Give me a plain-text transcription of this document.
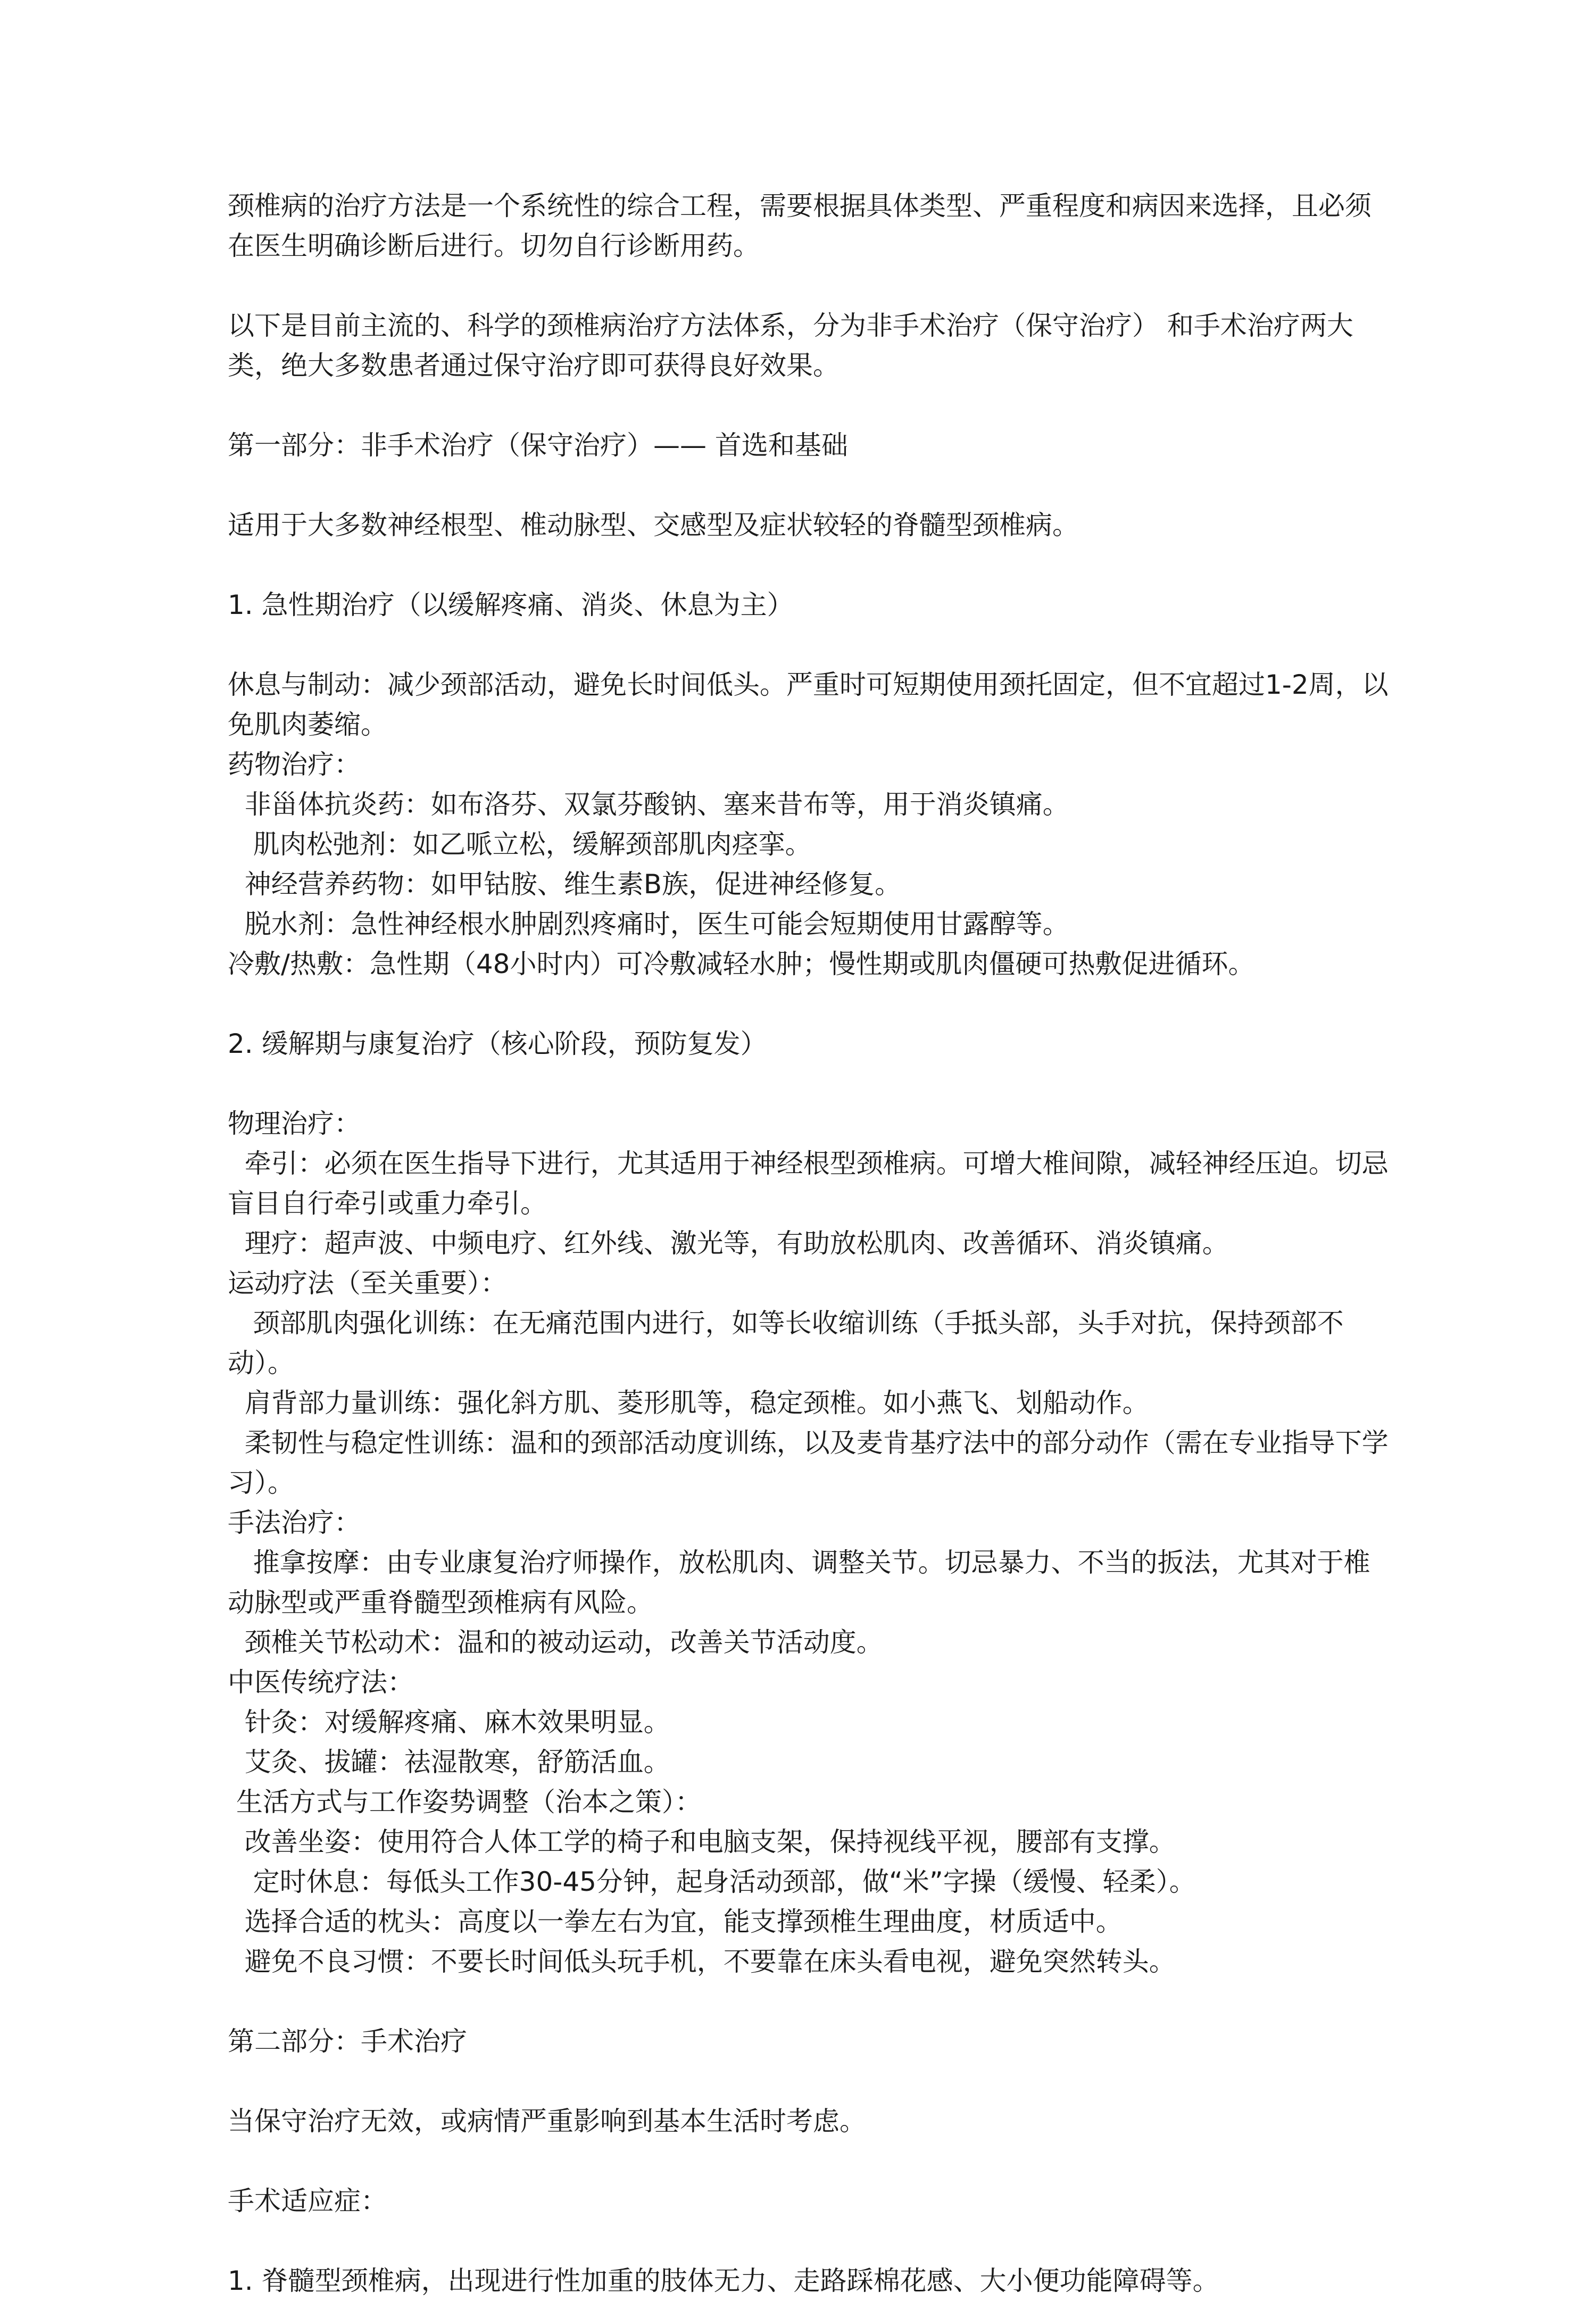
颈椎病的治疗方法是一个系统性的综合工程，需要根据具体类型、严重程度和病因来选择，且必须在医生明确诊断后进行。切勿自行诊断用药。

以下是目前主流的、科学的颈椎病治疗方法体系，分为非手术治疗（保守治疗） 和手术治疗两大类，绝大多数患者通过保守治疗即可获得良好效果。

第一部分：非手术治疗（保守治疗）—— 首选和基础

适用于大多数神经根型、椎动脉型、交感型及症状较轻的脊髓型颈椎病。

1. 急性期治疗（以缓解疼痛、消炎、休息为主）

休息与制动：减少颈部活动，避免长时间低头。严重时可短期使用颈托固定，但不宜超过1-2周，以免肌肉萎缩。

药物治疗：

非甾体抗炎药：如布洛芬、双氯芬酸钠、塞来昔布等，用于消炎镇痛。

肌肉松弛剂：如乙哌立松，缓解颈部肌肉痉挛。

神经营养药物：如甲钴胺、维生素B族，促进神经修复。

脱水剂：急性神经根水肿剧烈疼痛时，医生可能会短期使用甘露醇等。

冷敷/热敷：急性期（48小时内）可冷敷减轻水肿；慢性期或肌肉僵硬可热敷促进循环。

2. 缓解期与康复治疗（核心阶段，预防复发）

物理治疗：

牵引：必须在医生指导下进行，尤其适用于神经根型颈椎病。可增大椎间隙，减轻神经压迫。切忌盲目自行牵引或重力牵引。

理疗：超声波、中频电疗、红外线、激光等，有助放松肌肉、改善循环、消炎镇痛。

运动疗法（至关重要）：

颈部肌肉强化训练：在无痛范围内进行，如等长收缩训练（手抵头部，头手对抗，保持颈部不动）。

肩背部力量训练：强化斜方肌、菱形肌等，稳定颈椎。如小燕飞、划船动作。

柔韧性与稳定性训练：温和的颈部活动度训练，以及麦肯基疗法中的部分动作（需在专业指导下学习）。

手法治疗：

推拿按摩：由专业康复治疗师操作，放松肌肉、调整关节。切忌暴力、不当的扳法，尤其对于椎动脉型或严重脊髓型颈椎病有风险。

颈椎关节松动术：温和的被动运动，改善关节活动度。

中医传统疗法：

针灸：对缓解疼痛、麻木效果明显。

艾灸、拔罐：祛湿散寒，舒筋活血。

生活方式与工作姿势调整（治本之策）：

改善坐姿：使用符合人体工学的椅子和电脑支架，保持视线平视，腰部有支撑。

定时休息：每低头工作30-45分钟，起身活动颈部，做“米”字操（缓慢、轻柔）。

选择合适的枕头：高度以一拳左右为宜，能支撑颈椎生理曲度，材质适中。

避免不良习惯：不要长时间低头玩手机，不要靠在床头看电视，避免突然转头。

第二部分：手术治疗

当保守治疗无效，或病情严重影响到基本生活时考虑。

手术适应症：

1. 脊髓型颈椎病，出现进行性加重的肢体无力、走路踩棉花感、大小便功能障碍等。
